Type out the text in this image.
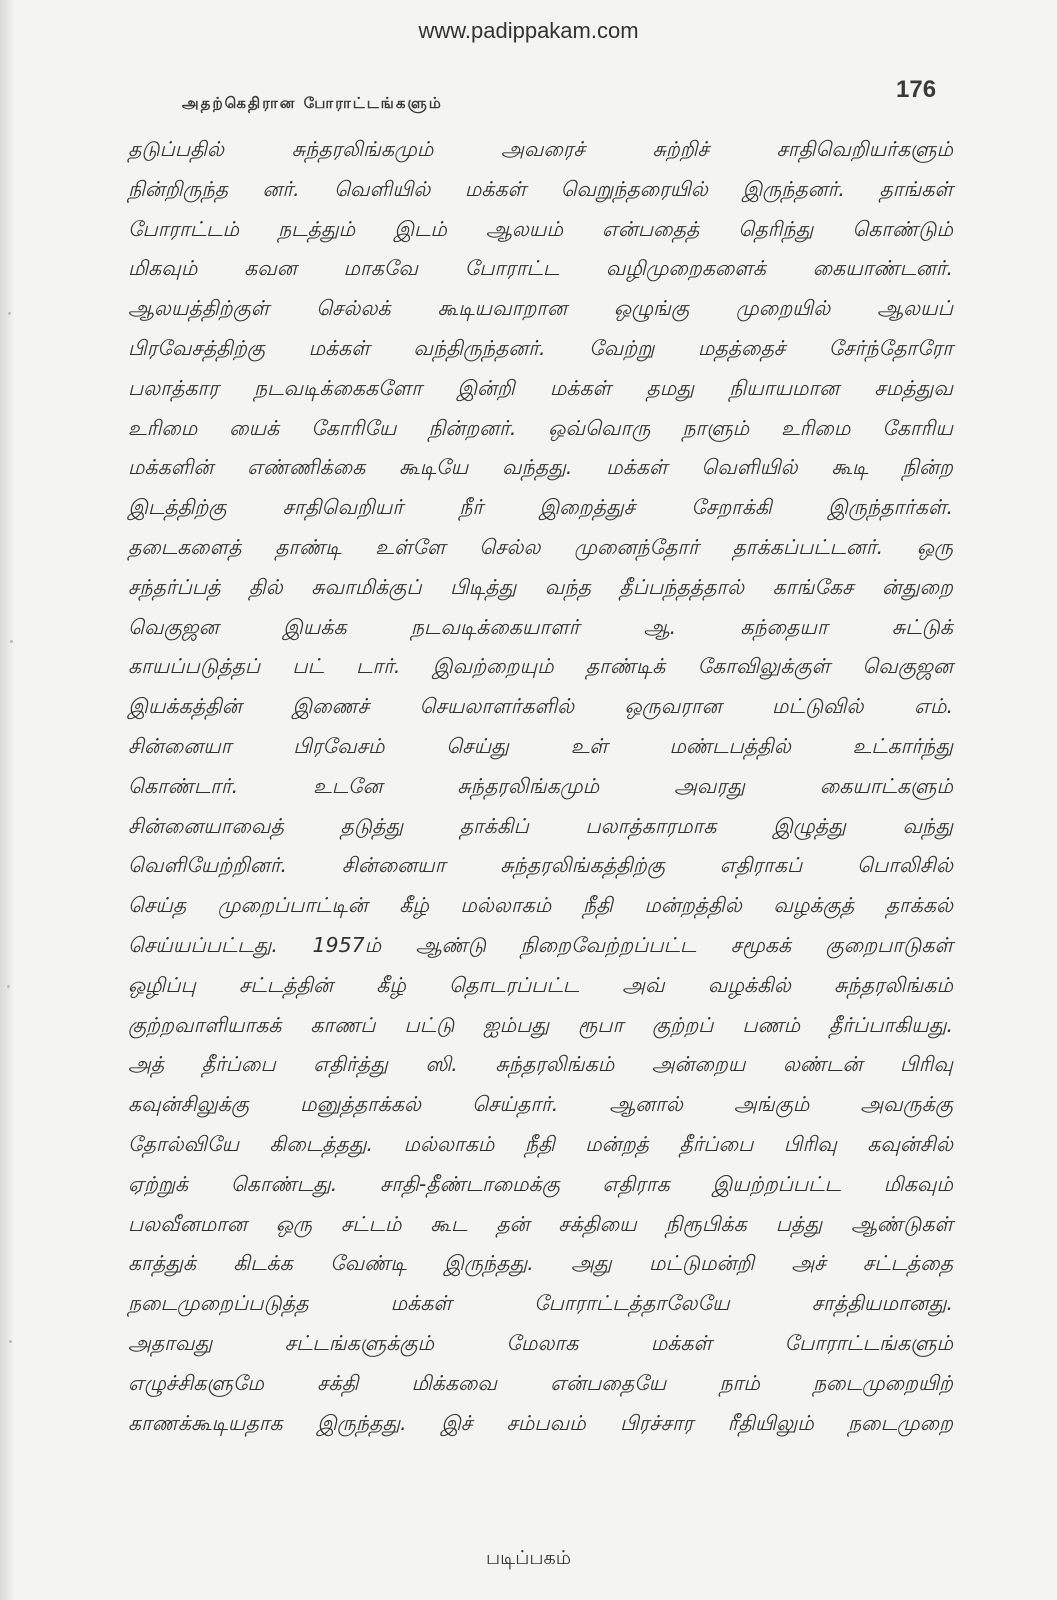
www.padippakam.com
அதற்கெதிரான போராட்டங்களும்	176
தடுப்பதில் சுந்தரலிங்கமும் அவரைச் சுற்றிச் சாதிவெறியர்களும்
நின்றிருந்த னர். வெளியில் மக்கள் வெறுந்தரையில் இருந்தனர். தாங்கள்
போராட்டம் நடத்தும் இடம் ஆலயம் என்பதைத் தெரிந்து கொண்டும்
மிகவும் கவன மாகவே போராட்ட வழிமுறைகளைக் கையாண்டனர்.
ஆலயத்திற்குள் செல்லக் கூடியவாறான ஒழுங்கு முறையில் ஆலயப்
பிரவேசத்திற்கு மக்கள் வந்திருந்தனர். வேற்று மதத்தைச் சேர்ந்தோரோ
பலாத்கார நடவடிக்கைகளோ இன்றி மக்கள் தமது நியாயமான சமத்துவ
உரிமை யைக் கோரியே நின்றனர். ஒவ்வொரு நாளும் உரிமை கோரிய
மக்களின் எண்ணிக்கை கூடியே வந்தது. மக்கள் வெளியில் கூடி நின்ற
இடத்திற்கு சாதிவெறியர் நீர் இறைத்துச் சேறாக்கி இருந்தார்கள்.
தடைகளைத் தாண்டி உள்ளே செல்ல முனைந்தோர் தாக்கப்பட்டனர். ஒரு
சந்தர்ப்பத் தில் சுவாமிக்குப் பிடித்து வந்த தீப்பந்தத்தால் காங்கேச ன்துறை
வெகுஜன இயக்க நடவடிக்கையாளர் ஆ. கந்தையா சுட்டுக்
காயப்படுத்தப் பட் டார். இவற்றையும் தாண்டிக் கோவிலுக்குள் வெகுஜன
இயக்கத்தின் இணைச் செயலாளர்களில் ஒருவரான மட்டுவில் எம்.
சின்னையா பிரவேசம் செய்து உள் மண்டபத்தில் உட்கார்ந்து
கொண்டார். உடனே சுந்தரலிங்கமும் அவரது கையாட்களும்
சின்னையாவைத் தடுத்து தாக்கிப் பலாத்காரமாக இழுத்து வந்து
வெளியேற்றினர். சின்னையா சுந்தரலிங்கத்திற்கு எதிராகப் பொலிசில்
செய்த முறைப்பாட்டின் கீழ் மல்லாகம் நீதி மன்றத்தில் வழக்குத் தாக்கல்
செய்யப்பட்டது. 1957ம் ஆண்டு நிறைவேற்றப்பட்ட சமூகக் குறைபாடுகள்
ஒழிப்பு சட்டத்தின் கீழ் தொடரப்பட்ட அவ் வழக்கில் சுந்தரலிங்கம்
குற்றவாளியாகக் காணப் பட்டு ஐம்பது ரூபா குற்றப் பணம் தீர்ப்பாகியது.
அத் தீர்ப்பை எதிர்த்து ஸி. சுந்தரலிங்கம் அன்றைய லண்டன் பிரிவு
கவுன்சிலுக்கு மனுத்தாக்கல் செய்தார். ஆனால் அங்கும் அவருக்கு
தோல்வியே கிடைத்தது. மல்லாகம் நீதி மன்றத் தீர்ப்பை பிரிவு கவுன்சில்
ஏற்றுக் கொண்டது. சாதி-தீண்டாமைக்கு எதிராக இயற்றப்பட்ட மிகவும்
பலவீனமான ஒரு சட்டம் கூட தன் சக்தியை நிரூபிக்க பத்து ஆண்டுகள்
காத்துக் கிடக்க வேண்டி இருந்தது. அது மட்டுமன்றி அச் சட்டத்தை
நடைமுறைப்படுத்த மக்கள் போராட்டத்தாலேயே சாத்தியமானது.
அதாவது சட்டங்களுக்கும் மேலாக மக்கள் போராட்டங்களும்
எழுச்சிகளுமே சக்தி மிக்கவை என்பதையே நாம் நடைமுறையிற்
காணக்கூடியதாக இருந்தது. இச் சம்பவம் பிரச்சார ரீதியிலும் நடைமுறை
படிப்பகம்
